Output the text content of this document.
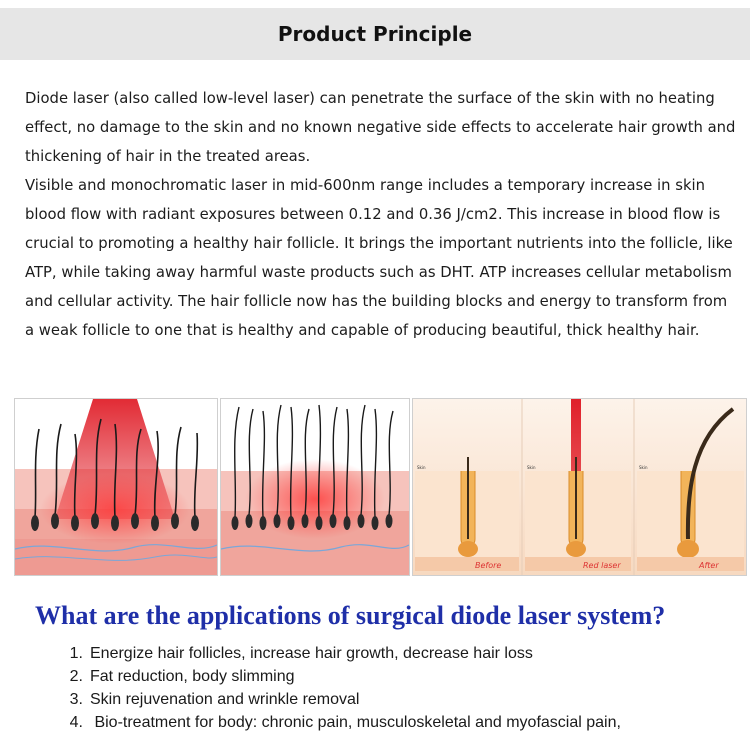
Product Principle

Diode laser (also called low-level laser) can penetrate the surface of the skin with no heating effect, no damage to the skin and no known negative side effects to accelerate hair growth and thickening of hair in the treated areas.

Visible and monochromatic laser in mid-600nm range includes a temporary increase in skin blood flow with radiant exposures between 0.12 and 0.36 J/cm2. This increase in blood flow is crucial to promoting a healthy hair follicle. It brings the important nutrients into the follicle, like ATP, while taking away harmful waste products such as DHT. ATP increases cellular metabolism and cellular activity. The hair follicle now has the building blocks and energy to transform from a weak follicle to one that is healthy and capable of producing beautiful, thick healthy hair.

Skin
Before
Skin
Red laser
Skin
After
What are the applications of surgical diode laser system?
1. Energize hair follicles, increase hair growth, decrease hair loss
2. Fat reduction, body slimming
3. Skin rejuvenation and wrinkle removal
4. Bio-treatment for body: chronic pain, musculoskeletal and myofascial pain,
